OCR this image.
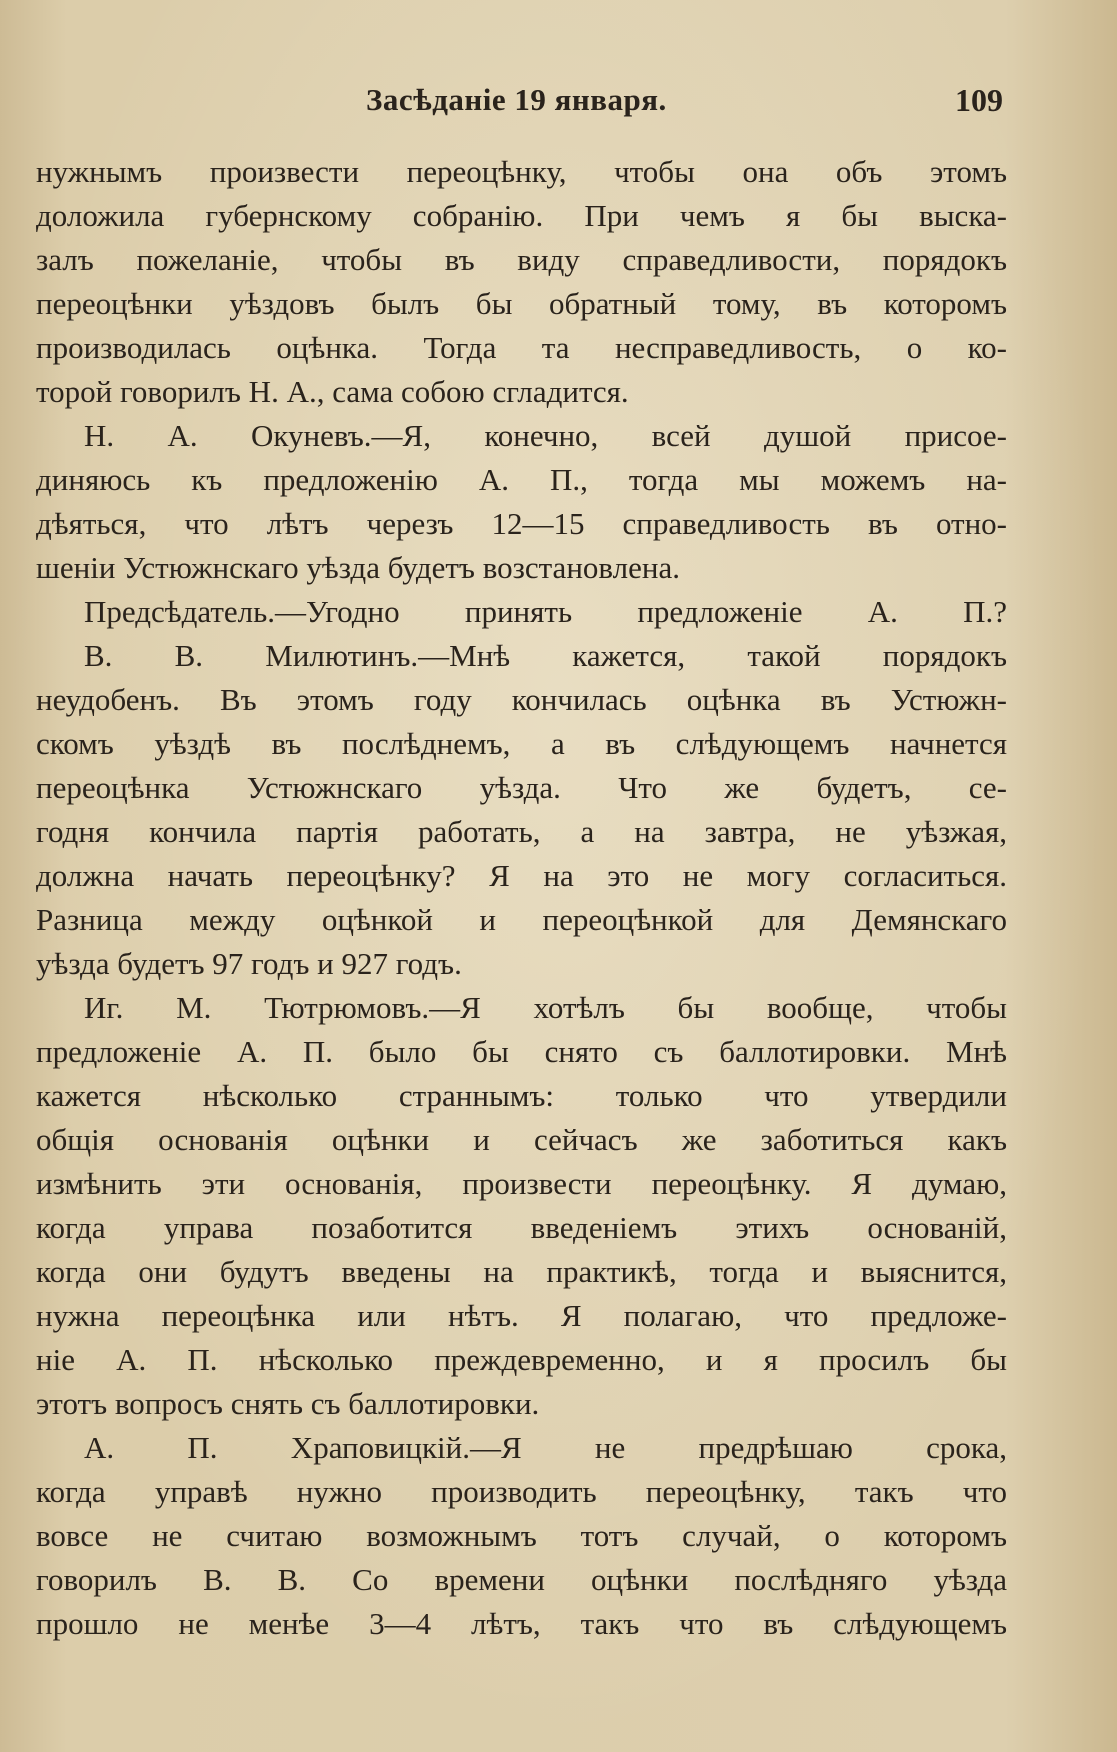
Засѣданіе 19 января.	109
нужнымъ произвести переоцѣнку, чтобы она объ этомъ
доложила губернскому собранію. При чемъ я бы выска-
залъ пожеланіе, чтобы въ виду справедливости, порядокъ
переоцѣнки уѣздовъ былъ бы обратный тому, въ которомъ
производилась оцѣнка. Тогда та несправедливость, о ко-
торой говорилъ Н. А., сама собою сгладится.
Н. А. Окуневъ.—Я, конечно, всей душой присое-
диняюсь къ предложенію А. П., тогда мы можемъ на-
дѣяться, что лѣтъ черезъ 12—15 справедливость въ отно-
шеніи Устюжнскаго уѣзда будетъ возстановлена.
Предсѣдатель.—Угодно принять предложеніе А. П.?
В. В. Милютинъ.—Мнѣ кажется, такой порядокъ
неудобенъ. Въ этомъ году кончилась оцѣнка въ Устюжн-
скомъ уѣздѣ въ послѣднемъ, а въ слѣдующемъ начнется
переоцѣнка Устюжнскаго уѣзда. Что же будетъ, се-
годня кончила партія работать, а на завтра, не уѣзжая,
должна начать переоцѣнку? Я на это не могу согласиться.
Разница между оцѣнкой и переоцѣнкой для Демянскаго
уѣзда будетъ 97 годъ и 927 годъ.
Иг. М. Тютрюмовъ.—Я хотѣлъ бы вообще, чтобы
предложеніе А. П. было бы снято съ баллотировки. Мнѣ
кажется нѣсколько страннымъ: только что утвердили
общія основанія оцѣнки и сейчасъ же заботиться какъ
измѣнить эти основанія, произвести переоцѣнку. Я думаю,
когда управа позаботится введеніемъ этихъ основаній,
когда они будутъ введены на практикѣ, тогда и выяснится,
нужна переоцѣнка или нѣтъ. Я полагаю, что предложе-
ніе А. П. нѣсколько преждевременно, и я просилъ бы
этотъ вопросъ снять съ баллотировки.
А. П. Храповицкій.—Я не предрѣшаю срока,
когда управѣ нужно производить переоцѣнку, такъ что
вовсе не считаю возможнымъ тотъ случай, о которомъ
говорилъ В. В. Со времени оцѣнки послѣдняго уѣзда
прошло не менѣе 3—4 лѣтъ, такъ что въ слѣдующемъ
